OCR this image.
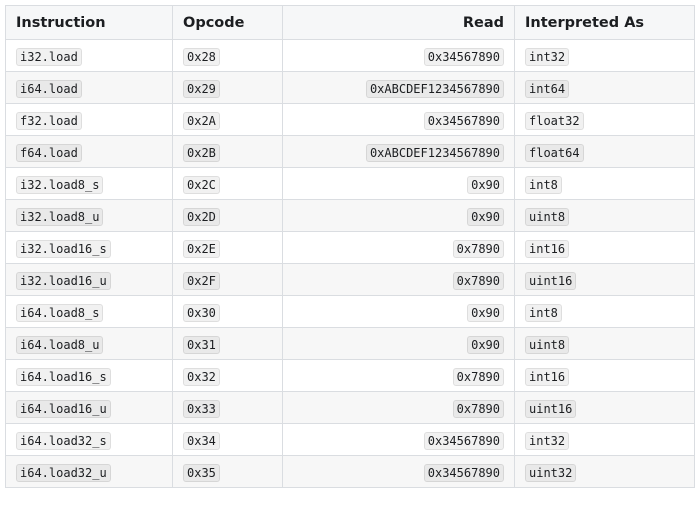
Instruction	Opcode	Read	Interpreted As
i32.load	0x28	0x34567890	int32
i64.load	0x29	0xABCDEF1234567890	int64
f32.load	0x2A	0x34567890	float32
f64.load	0x2B	0xABCDEF1234567890	float64
i32.load8_s	0x2C	0x90	int8
i32.load8_u	0x2D	0x90	uint8
i32.load16_s	0x2E	0x7890	int16
i32.load16_u	0x2F	0x7890	uint16
i64.load8_s	0x30	0x90	int8
i64.load8_u	0x31	0x90	uint8
i64.load16_s	0x32	0x7890	int16
i64.load16_u	0x33	0x7890	uint16
i64.load32_s	0x34	0x34567890	int32
i64.load32_u	0x35	0x34567890	uint32
